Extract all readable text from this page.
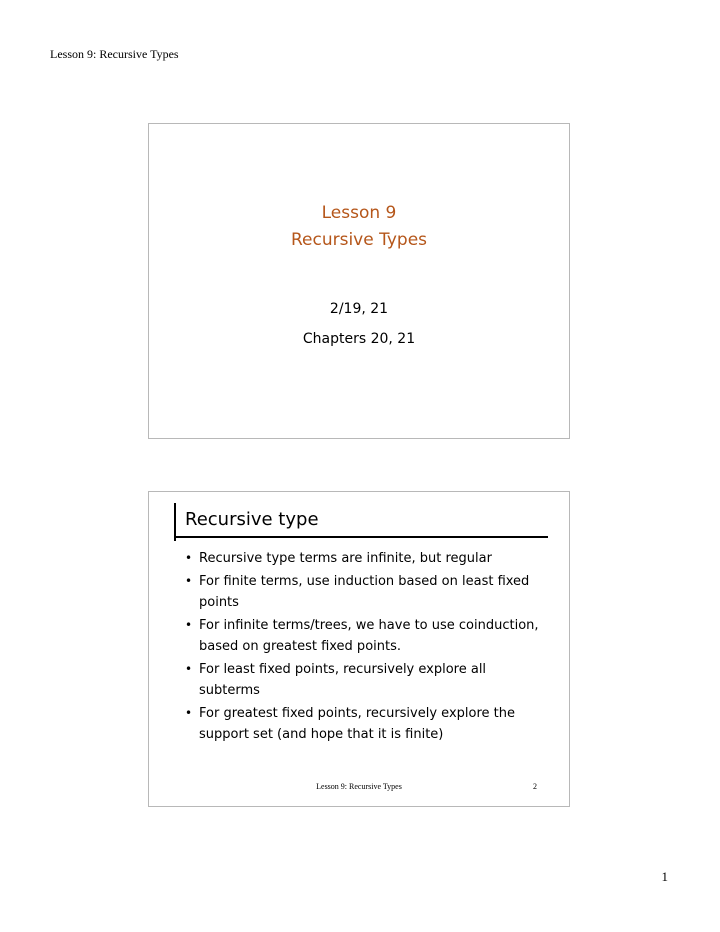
Lesson 9: Recursive Types
Lesson 9
Recursive Types
2/19, 21
Chapters 20, 21
Recursive type
• Recursive type terms are infinite, but regular
• For finite terms, use induction based on least fixed points
• For infinite terms/trees, we have to use coinduction, based on greatest fixed points.
• For least fixed points, recursively explore all subterms
• For greatest fixed points, recursively explore the support set (and hope that it is finite)
Lesson 9: Recursive Types	2
1
